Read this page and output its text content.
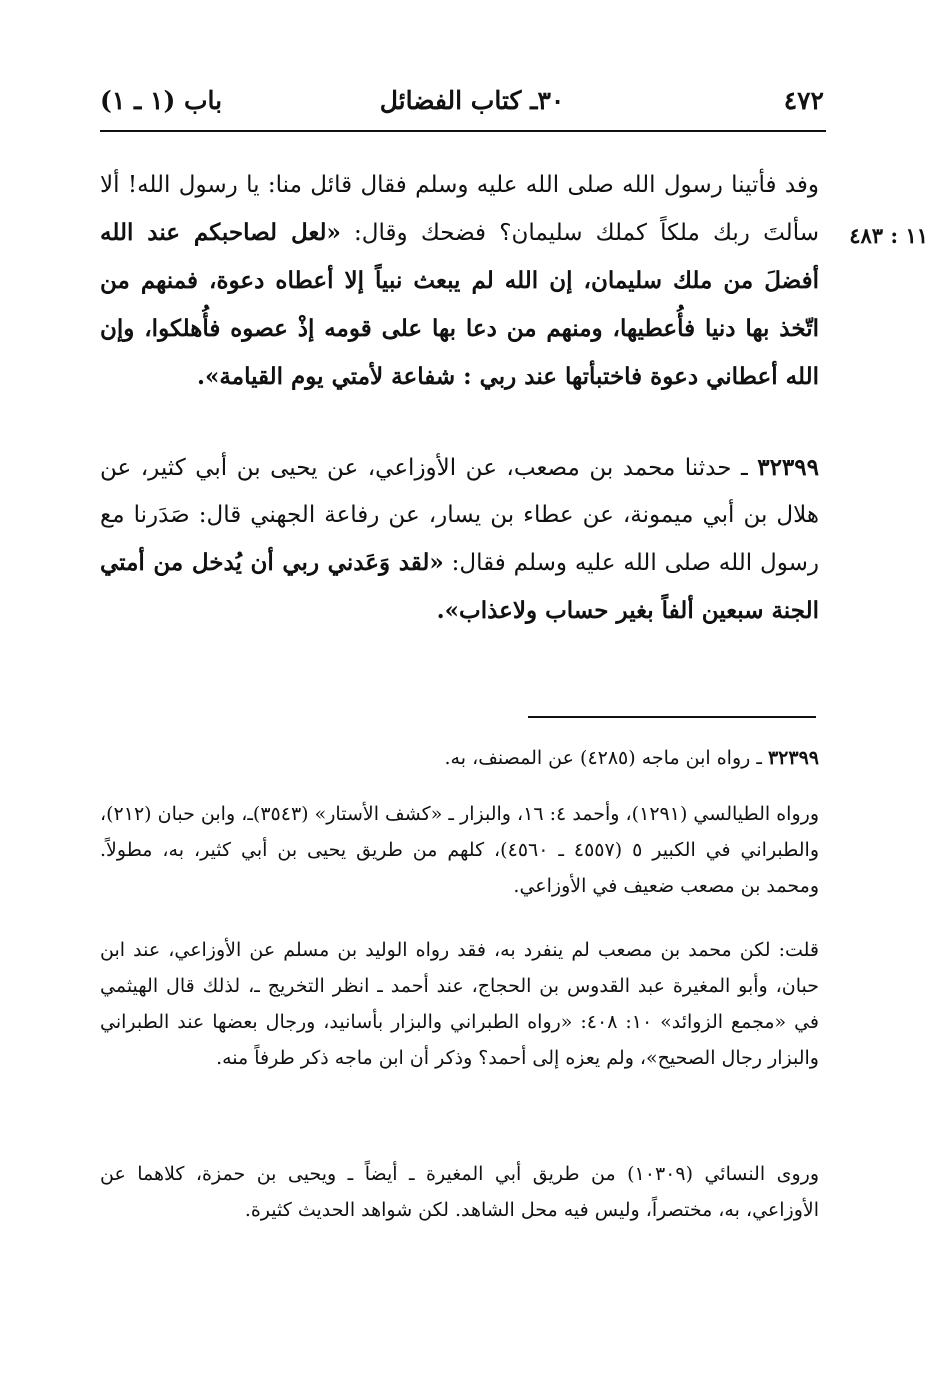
٤٧٢
٣٠ـ كتاب الفضائل
باب (١ ـ ١)
١١ : ٤٨٣
وفد فأتينا رسول الله صلى الله عليه وسلم فقال قائل منا: يا رسول الله! ألا سألتَ ربك ملكاً كملك سليمان؟ فضحك وقال: «لعل لصاحبكم عند الله أفضلَ من ملك سليمان، إن الله لم يبعث نبياً إلا أعطاه دعوة، فمنهم من اتّخذ بها دنيا فأُعطيها، ومنهم من دعا بها على قومه إذْ عصوه فأُهلكوا، وإن الله أعطاني دعوة فاختبأتها عند ربي : شفاعة لأمتي يوم القيامة».
٣٢٣٩٩ ـ حدثنا محمد بن مصعب، عن الأوزاعي، عن يحيى بن أبي كثير، عن هلال بن أبي ميمونة، عن عطاء بن يسار، عن رفاعة الجهني قال: صَدَرنا مع رسول الله صلى الله عليه وسلم فقال: «لقد وَعَدني ربي أن يُدخل من أمتي الجنة سبعين ألفاً بغير حساب ولاعذاب».
٣٢٣٩٩ ـ رواه ابن ماجه (٤٢٨٥) عن المصنف، به.
ورواه الطيالسي (١٢٩١)، وأحمد ٤: ١٦، والبزار ـ «كشف الأستار» (٣٥٤٣)ـ، وابن حبان (٢١٢)، والطبراني في الكبير ٥ (٤٥٥٧ ـ ٤٥٦٠)، كلهم من طريق يحيى بن أبي كثير، به، مطولاً. ومحمد بن مصعب ضعيف في الأوزاعي.
قلت: لكن محمد بن مصعب لم ينفرد به، فقد رواه الوليد بن مسلم عن الأوزاعي، عند ابن حبان، وأبو المغيرة عبد القدوس بن الحجاج، عند أحمد ـ انظر التخريج ـ، لذلك قال الهيثمي في «مجمع الزوائد» ١٠: ٤٠٨: «رواه الطبراني والبزار بأسانيد، ورجال بعضها عند الطبراني والبزار رجال الصحيح»، ولم يعزه إلى أحمد؟ وذكر أن ابن ماجه ذكر طرفاً منه.
وروى النسائي (١٠٣٠٩) من طريق أبي المغيرة ـ أيضاً ـ ويحيى بن حمزة، كلاهما عن الأوزاعي، به، مختصراً، وليس فيه محل الشاهد. لكن شواهد الحديث كثيرة.
